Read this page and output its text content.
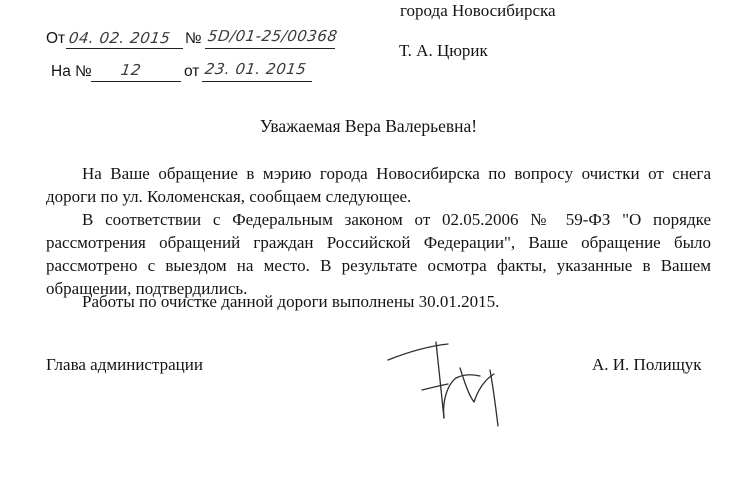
города Новосибирска
Т. А. Цюрик
От 04. 02. 2015 № 5D/01-25/00368
На № 12	от 23. 01. 2015
Уважаемая Вера Валерьевна!

На Ваше обращение в мэрию города Новосибирска по вопросу очистки от снега дороги по ул. Коломенская, сообщаем следующее.

В соответствии с Федеральным законом от 02.05.2006 № 59-ФЗ "О порядке рассмотрения обращений граждан Российской Федерации", Ваше обращение было рассмотрено с выездом на место. В результате осмотра факты, указанные в Вашем обращении, подтвердились.

Работы по очистке данной дороги выполнены 30.01.2015.

Глава администрации	А. И. Полищук
